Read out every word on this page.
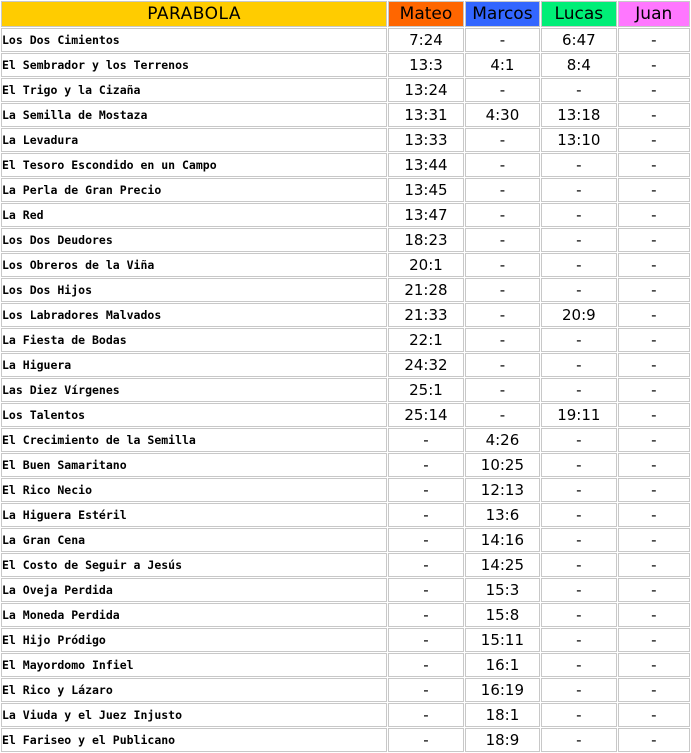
PARABOLA	Mateo	Marcos	Lucas	Juan
Los Dos Cimientos	7:24	-	6:47	-
El Sembrador y los Terrenos	13:3	4:1	8:4	-
El Trigo y la Cizaña	13:24	-	-	-
La Semilla de Mostaza	13:31	4:30	13:18	-
La Levadura	13:33	-	13:10	-
El Tesoro Escondido en un Campo	13:44	-	-	-
La Perla de Gran Precio	13:45	-	-	-
La Red	13:47	-	-	-
Los Dos Deudores	18:23	-	-	-
Los Obreros de la Viña	20:1	-	-	-
Los Dos Hijos	21:28	-	-	-
Los Labradores Malvados	21:33	-	20:9	-
La Fiesta de Bodas	22:1	-	-	-
La Higuera	24:32	-	-	-
Las Diez Vírgenes	25:1	-	-	-
Los Talentos	25:14	-	19:11	-
El Crecimiento de la Semilla	-	4:26	-	-
El Buen Samaritano	-	10:25	-	-
El Rico Necio	-	12:13	-	-
La Higuera Estéril	-	13:6	-	-
La Gran Cena	-	14:16	-	-
El Costo de Seguir a Jesús	-	14:25	-	-
La Oveja Perdida	-	15:3	-	-
La Moneda Perdida	-	15:8	-	-
El Hijo Pródigo	-	15:11	-	-
El Mayordomo Infiel	-	16:1	-	-
El Rico y Lázaro	-	16:19	-	-
La Viuda y el Juez Injusto	-	18:1	-	-
El Fariseo y el Publicano	-	18:9	-	-
